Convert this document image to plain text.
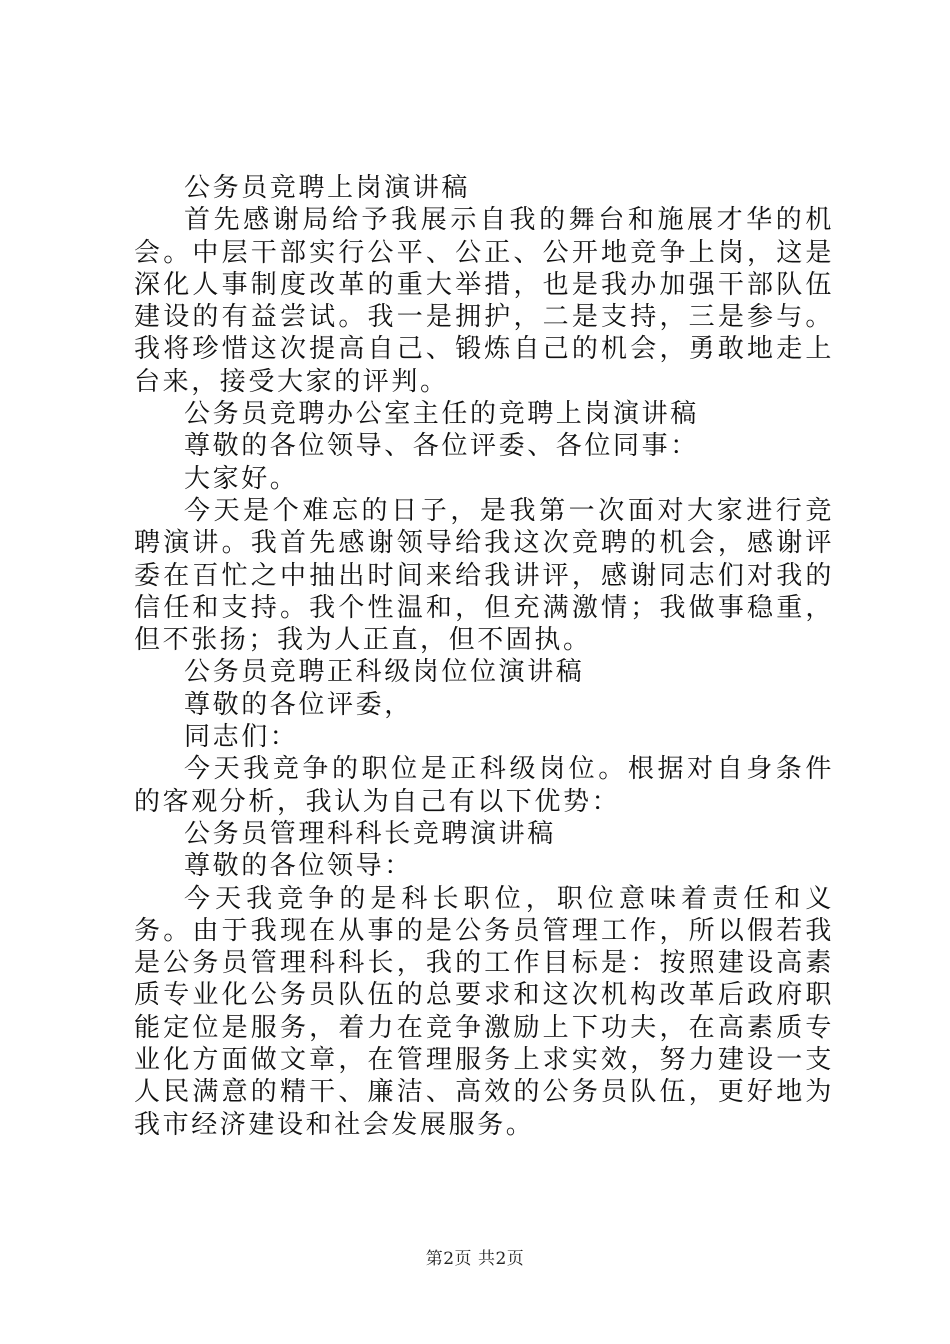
公务员竞聘上岗演讲稿

首先感谢局给予我展示自我的舞台和施展才华的机会。中层干部实行公平、公正、公开地竞争上岗，这是深化人事制度改革的重大举措，也是我办加强干部队伍建设的有益尝试。我一是拥护，二是支持，三是参与。我将珍惜这次提高自己、锻炼自己的机会，勇敢地走上台来，接受大家的评判。

公务员竞聘办公室主任的竞聘上岗演讲稿

尊敬的各位领导、各位评委、各位同事：

大家好。

今天是个难忘的日子，是我第一次面对大家进行竞聘演讲。我首先感谢领导给我这次竞聘的机会，感谢评委在百忙之中抽出时间来给我讲评，感谢同志们对我的信任和支持。我个性温和，但充满激情；我做事稳重，但不张扬；我为人正直，但不固执。

公务员竞聘正科级岗位位演讲稿

尊敬的各位评委，

同志们：

今天我竞争的职位是正科级岗位。根据对自身条件的客观分析，我认为自己有以下优势：

公务员管理科科长竞聘演讲稿

尊敬的各位领导：

今天我竞争的是科长职位，职位意味着责任和义务。由于我现在从事的是公务员管理工作，所以假若我是公务员管理科科长，我的工作目标是：按照建设高素质专业化公务员队伍的总要求和这次机构改革后政府职能定位是服务，着力在竞争激励上下功夫，在高素质专业化方面做文章，在管理服务上求实效，努力建设一支人民满意的精干、廉洁、高效的公务员队伍，更好地为我市经济建设和社会发展服务。

第2页 共2页
